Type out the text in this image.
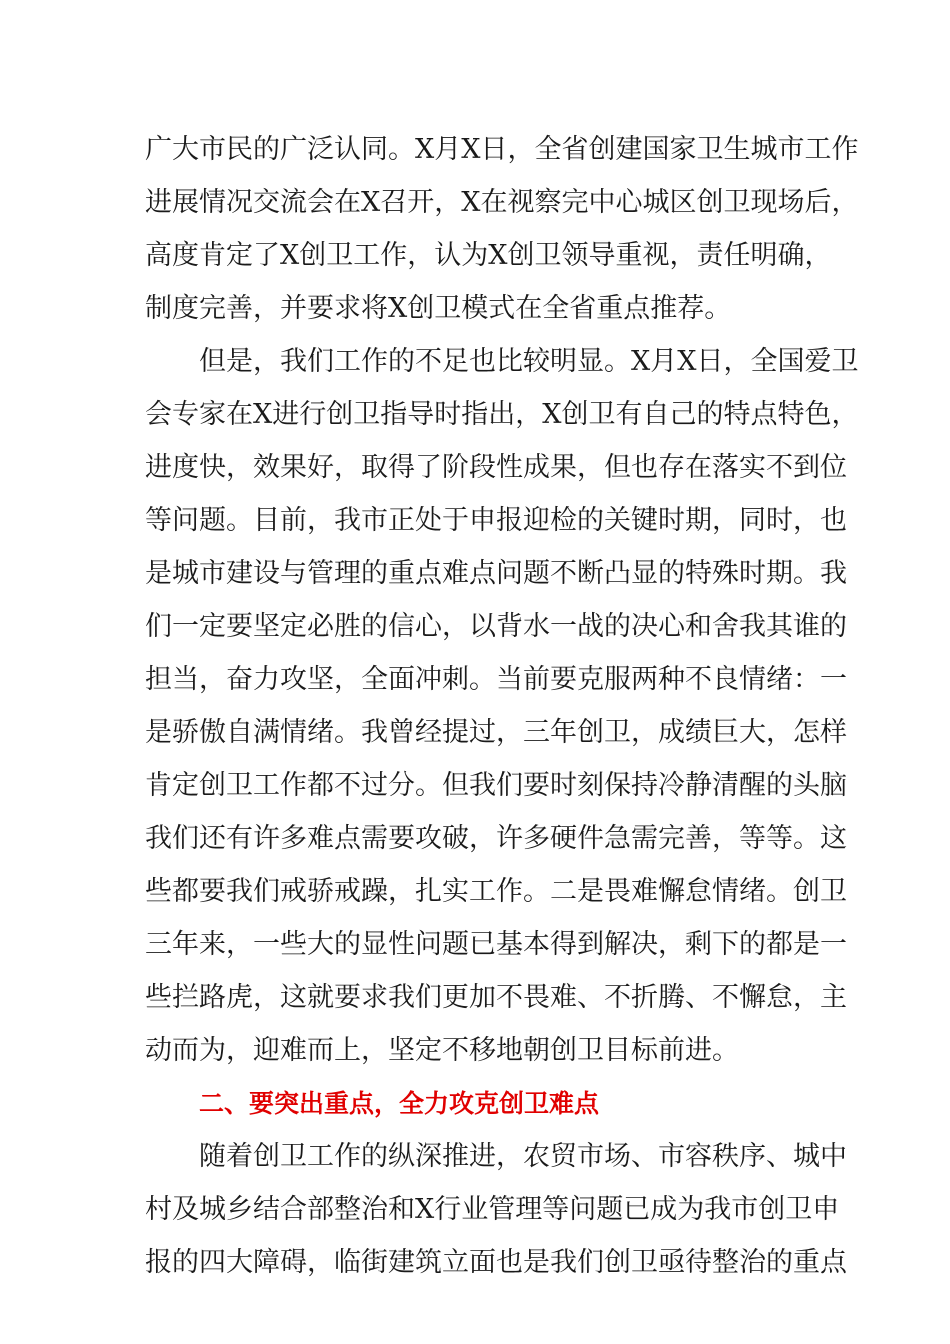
广大市民的广泛认同。X月X日，全省创建国家卫生城市工作
进展情况交流会在X召开，X在视察完中心城区创卫现场后，
高度肯定了X创卫工作，认为X创卫领导重视，责任明确，
制度完善，并要求将X创卫模式在全省重点推荐。
但是，我们工作的不足也比较明显。X月X日，全国爱卫
会专家在X进行创卫指导时指出，X创卫有自己的特点特色，
进度快，效果好，取得了阶段性成果，但也存在落实不到位
等问题。目前，我市正处于申报迎检的关键时期，同时，也
是城市建设与管理的重点难点问题不断凸显的特殊时期。我
们一定要坚定必胜的信心，以背水一战的决心和舍我其谁的
担当，奋力攻坚，全面冲刺。当前要克服两种不良情绪：一
是骄傲自满情绪。我曾经提过，三年创卫，成绩巨大，怎样
肯定创卫工作都不过分。但我们要时刻保持冷静清醒的头脑
我们还有许多难点需要攻破，许多硬件急需完善，等等。这
些都要我们戒骄戒躁，扎实工作。二是畏难懈怠情绪。创卫
三年来，一些大的显性问题已基本得到解决，剩下的都是一
些拦路虎，这就要求我们更加不畏难、不折腾、不懈怠，主
动而为，迎难而上，坚定不移地朝创卫目标前进。
二、要突出重点，全力攻克创卫难点
随着创卫工作的纵深推进，农贸市场、市容秩序、城中
村及城乡结合部整治和X行业管理等问题已成为我市创卫申
报的四大障碍，临街建筑立面也是我们创卫亟待整治的重点
